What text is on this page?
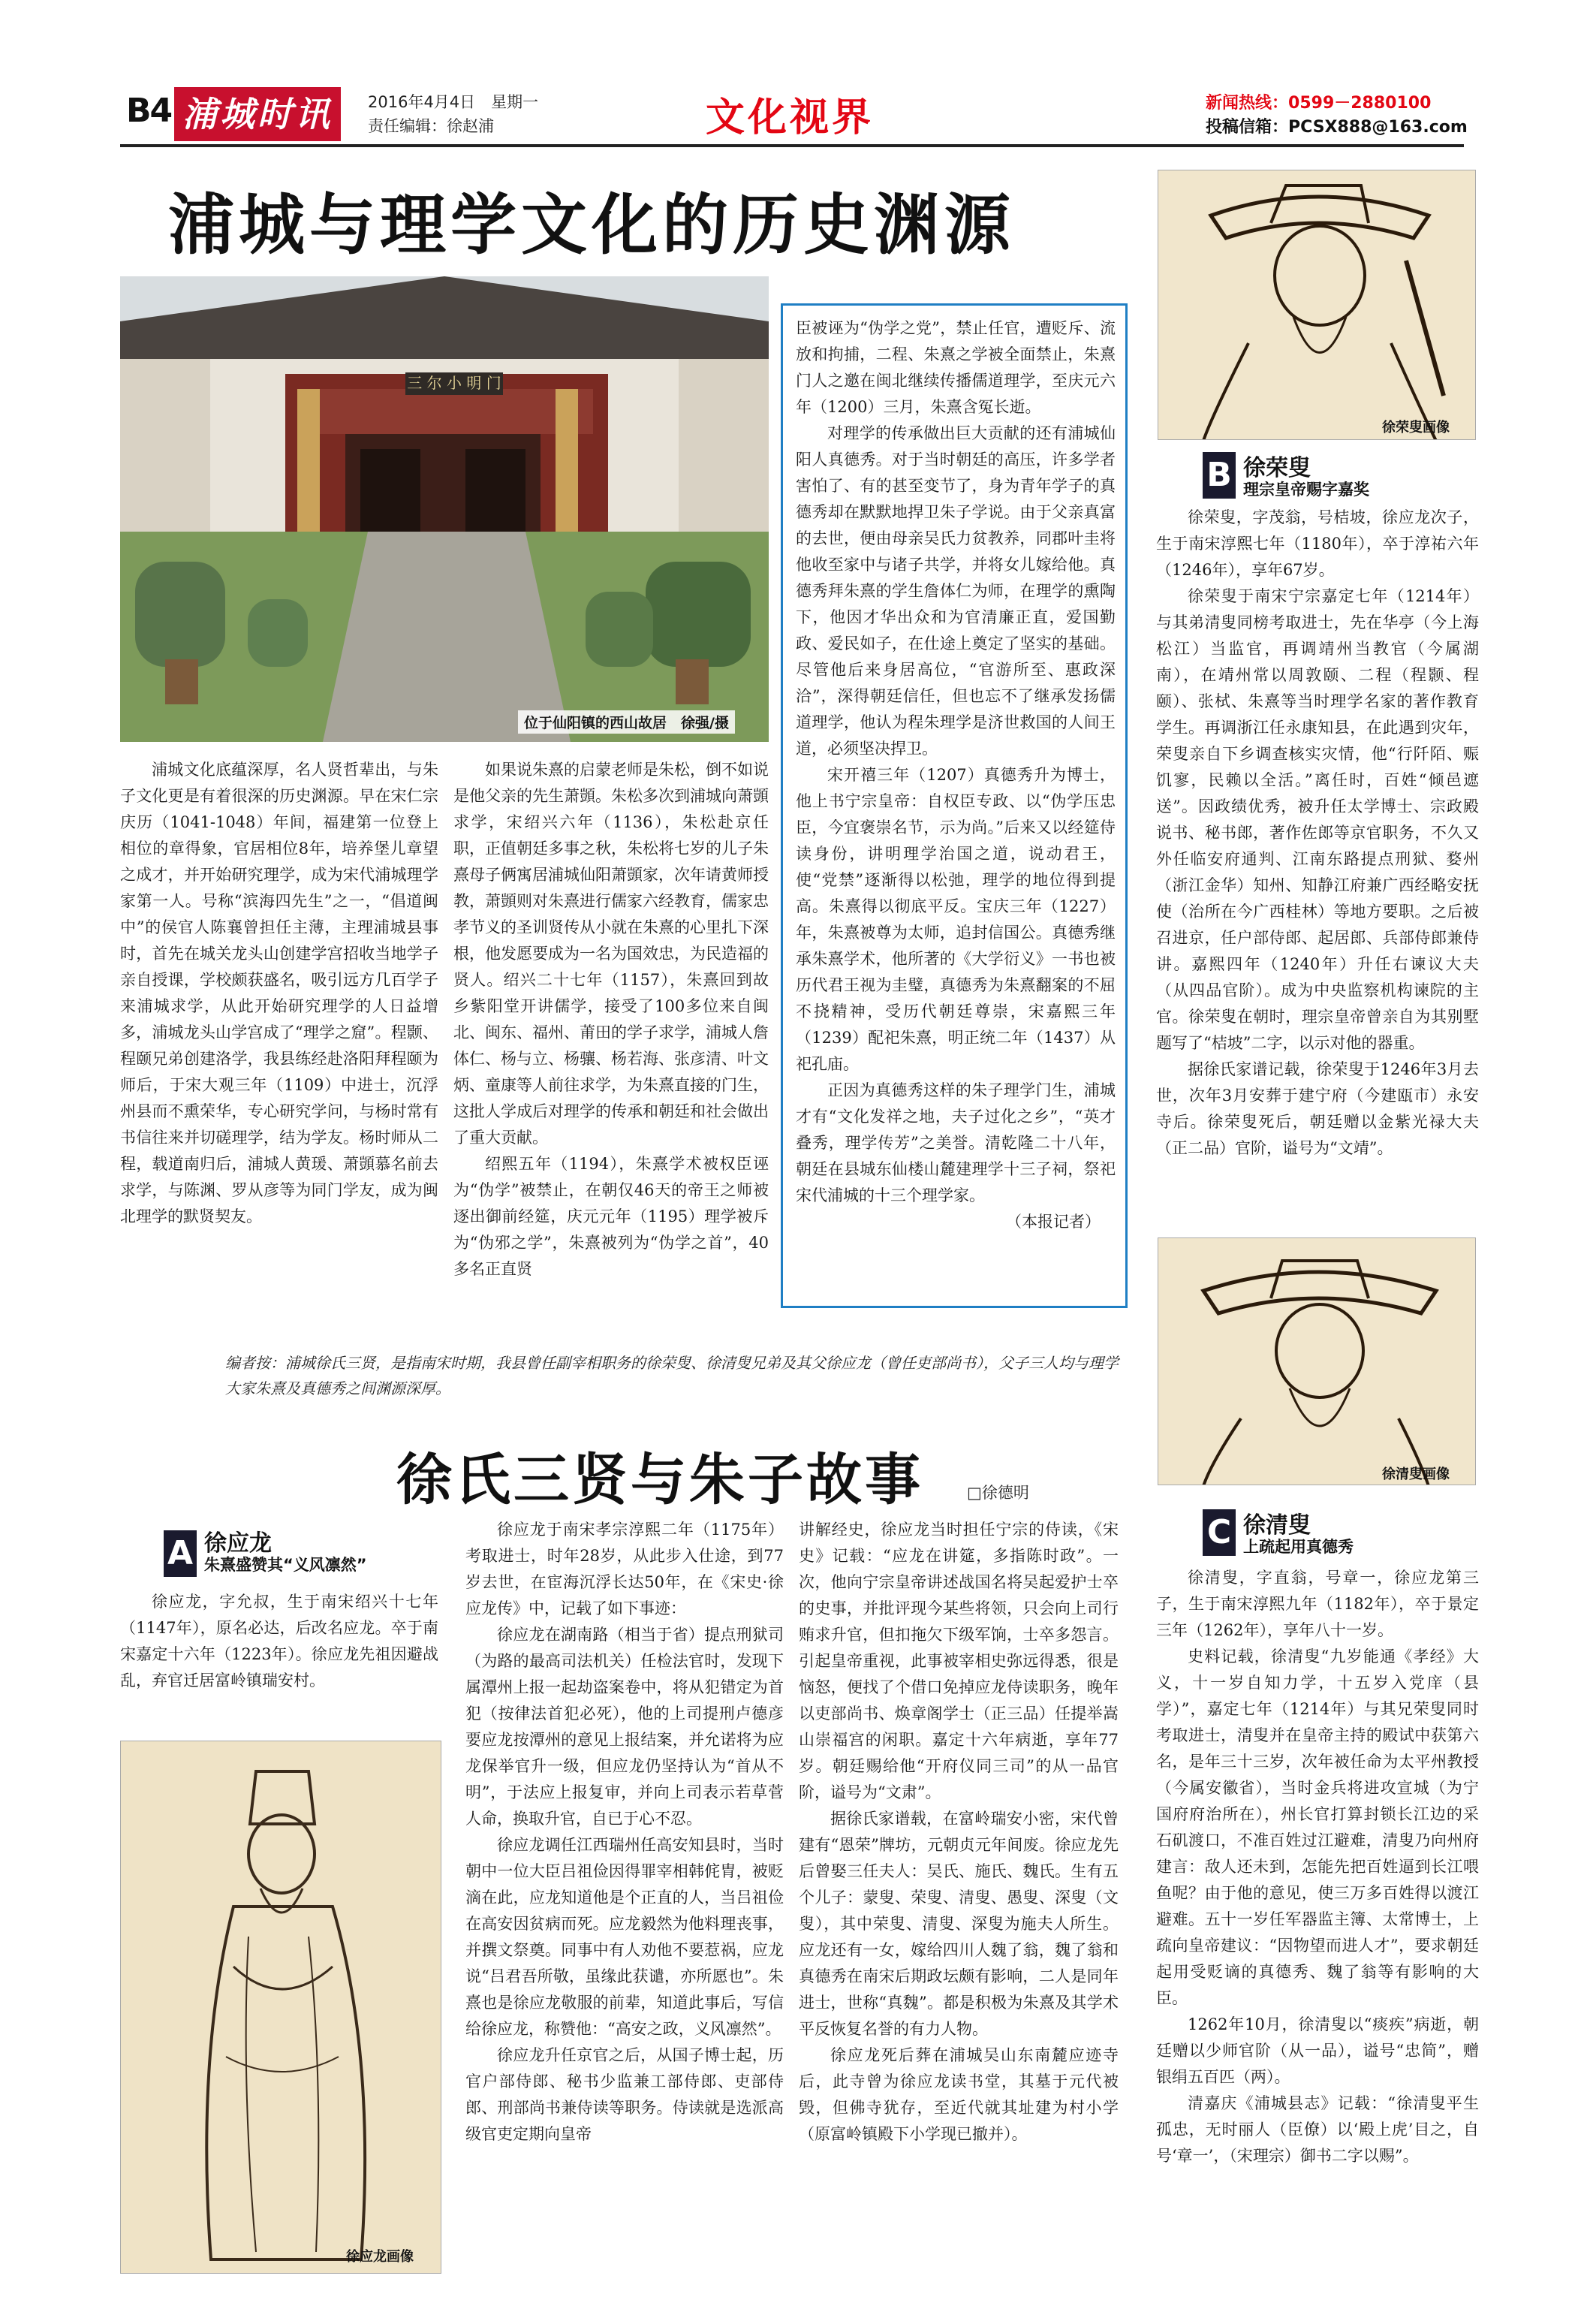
B4 浦城时讯	2016年4月4日　星期一
责任编辑：徐赵浦	文化视界	新闻热线：0599－2880100
投稿信箱：PCSX888@163.com
浦城与理学文化的历史渊源
三 尔 小 明 门
位于仙阳镇的西山故居　徐强/摄

浦城文化底蕴深厚，名人贤哲辈出，与朱子文化更是有着很深的历史渊源。早在宋仁宗庆历（1041-1048）年间，福建第一位登上相位的章得象，官居相位8年，培养堡儿章望之成才，并开始研究理学，成为宋代浦城理学家第一人。号称“滨海四先生”之一，“倡道闽中”的侯官人陈襄曾担任主薄，主理浦城县事时，首先在城关龙头山创建学宫招收当地学子亲自授课，学校颇获盛名，吸引远方几百学子来浦城求学，从此开始研究理学的人日益增多，浦城龙头山学宫成了“理学之窟”。程颢、程颐兄弟创建洛学，我县练经赴洛阳拜程颐为师后，于宋大观三年（1109）中进士，沉浮州县而不熏荣华，专心研究学问，与杨时常有书信往来并切磋理学，结为学友。杨时师从二程，载道南归后，浦城人黄瑗、萧顗慕名前去求学，与陈渊、罗从彦等为同门学友，成为闽北理学的默贤契友。

如果说朱熹的启蒙老师是朱松，倒不如说是他父亲的先生萧顗。朱松多次到浦城向萧顗求学，宋绍兴六年（1136），朱松赴京任职，正值朝廷多事之秋，朱松将七岁的儿子朱熹母子俩寓居浦城仙阳萧顗家，次年请黄师授教，萧顗则对朱熹进行儒家六经教育，儒家忠孝节义的圣训贤传从小就在朱熹的心里扎下深根，他发愿要成为一名为国效忠，为民造福的贤人。绍兴二十七年（1157），朱熹回到故乡紫阳堂开讲儒学，接受了100多位来自闽北、闽东、福州、莆田的学子求学，浦城人詹体仁、杨与立、杨骧、杨若海、张彦清、叶文炳、童康等人前往求学，为朱熹直接的门生，这批人学成后对理学的传承和朝廷和社会做出了重大贡献。

绍熙五年（1194），朱熹学术被权臣诬为“伪学”被禁止，在朝仅46天的帝王之师被逐出御前经筵，庆元元年（1195）理学被斥为“伪邪之学”，朱熹被列为“伪学之首”，40多名正直贤

臣被诬为“伪学之党”，禁止任官，遭贬斥、流放和拘捕，二程、朱熹之学被全面禁止，朱熹门人之邀在闽北继续传播儒道理学，至庆元六年（1200）三月，朱熹含冤长逝。

对理学的传承做出巨大贡献的还有浦城仙阳人真德秀。对于当时朝廷的高压，许多学者害怕了、有的甚至变节了，身为青年学子的真德秀却在默默地捍卫朱子学说。由于父亲真富的去世，便由母亲吴氏力贫教养，同郡叶圭将他收至家中与诸子共学，并将女儿嫁给他。真德秀拜朱熹的学生詹体仁为师，在理学的熏陶下，他因才华出众和为官清廉正直，爱国勤政、爱民如子，在仕途上奠定了坚实的基础。尽管他后来身居高位，“官游所至、惠政深洽”，深得朝廷信任，但也忘不了继承发扬儒道理学，他认为程朱理学是济世救国的人间王道，必须坚决捍卫。

宋开禧三年（1207）真德秀升为博士，他上书宁宗皇帝：自权臣专政、以“伪学压忠臣，今宜褒崇名节，示为尚。”后来又以经筵侍读身份，讲明理学治国之道，说动君王，使“党禁”逐渐得以松弛，理学的地位得到提高。朱熹得以彻底平反。宝庆三年（1227）年，朱熹被尊为太师，追封信国公。真德秀继承朱熹学术，他所著的《大学衍义》一书也被历代君王视为圭璧，真德秀为朱熹翻案的不屈不挠精神，受历代朝廷尊崇，宋嘉熙三年（1239）配祀朱熹，明正统二年（1437）从祀孔庙。

正因为真德秀这样的朱子理学门生，浦城才有“文化发祥之地，夫子过化之乡”，“英才叠秀，理学传芳”之美誉。清乾隆二十八年，朝廷在县城东仙楼山麓建理学十三子祠，祭祀宋代浦城的十三个理学家。

（本报记者）

编者按：浦城徐氏三贤，是指南宋时期，我县曾任副宰相职务的徐荣叟、徐清叟兄弟及其父徐应龙（曾任吏部尚书），父子三人均与理学大家朱熹及真德秀之间渊源深厚。
徐氏三贤与朱子故事	□徐德明
A 徐应龙
朱熹盛赞其“义风凛然”

徐应龙，字允叔，生于南宋绍兴十七年（1147年），原名必达，后改名应龙。卒于南宋嘉定十六年（1223年）。徐应龙先祖因避战乱，弃官迁居富岭镇瑞安村。

徐应龙画像

徐应龙于南宋孝宗淳熙二年（1175年）考取进士，时年28岁，从此步入仕途，到77岁去世，在宦海沉浮长达50年，在《宋史·徐应龙传》中，记载了如下事迹：

徐应龙在湖南路（相当于省）提点刑狱司（为路的最高司法机关）任检法官时，发现下属潭州上报一起劫盗案卷中，将从犯错定为首犯（按律法首犯必死），他的上司提刑卢德彦要应龙按潭州的意见上报结案，并允诺将为应龙保举官升一级，但应龙仍坚持认为“首从不明”，于法应上报复审，并向上司表示若草菅人命，换取升官，自已于心不忍。

徐应龙调任江西瑞州任高安知县时，当时朝中一位大臣吕祖俭因得罪宰相韩侂胄，被贬滴在此，应龙知道他是个正直的人，当吕祖俭在高安因贫病而死。应龙毅然为他料理丧事，并撰文祭奠。同事中有人劝他不要惹祸，应龙说“吕君吾所敬，虽缘此获谴，亦所愿也”。朱熹也是徐应龙敬服的前辈，知道此事后，写信给徐应龙，称赞他：“高安之政，义风凛然”。

徐应龙升任京官之后，从国子博士起，历官户部侍郎、秘书少监兼工部侍郎、吏部侍郎、刑部尚书兼侍读等职务。侍读就是选派高级官吏定期向皇帝

讲解经史，徐应龙当时担任宁宗的侍读，《宋史》记载：“应龙在讲筵，多指陈时政”。一次，他向宁宗皇帝讲述战国名将吴起爱护士卒的史事，并批评现今某些将领，只会向上司行贿求升官，但扣拖欠下级军饷，士卒多怨言。引起皇帝重视，此事被宰相史弥远得悉，很是恼怒，便找了个借口免掉应龙侍读职务，晚年以吏部尚书、焕章阁学士（正三品）任提举嵩山崇福宫的闲职。嘉定十六年病逝，享年77岁。朝廷赐给他“开府仪同三司”的从一品官阶，谥号为“文肃”。

据徐氏家谱载，在富岭瑞安小密，宋代曾建有“恩荣”牌坊，元朝贞元年间废。徐应龙先后曾娶三任夫人：吴氏、施氏、魏氏。生有五个儿子：蒙叟、荣叟、清叟、愚叟、深叟（文叟），其中荣叟、清叟、深叟为施夫人所生。应龙还有一女，嫁给四川人魏了翁，魏了翁和真德秀在南宋后期政坛颇有影响，二人是同年进士，世称“真魏”。都是积极为朱熹及其学术平反恢复名誉的有力人物。

徐应龙死后葬在浦城吴山东南麓应迹寺后，此寺曾为徐应龙读书堂，其墓于元代被毁，但佛寺犹存，至近代就其址建为村小学（原富岭镇殿下小学现已撤并）。

徐荣叟画像
B 徐荣叟
理宗皇帝赐字嘉奖

徐荣叟，字茂翁，号桔坡，徐应龙次子，生于南宋淳熙七年（1180年），卒于淳祐六年（1246年），享年67岁。

徐荣叟于南宋宁宗嘉定七年（1214年）与其弟清叟同榜考取进士，先在华亭（今上海松江）当监官，再调靖州当教官（今属湖南），在靖州常以周敦颐、二程（程颢、程颐）、张栻、朱熹等当时理学名家的著作教育学生。再调浙江任永康知县，在此遇到灾年，荣叟亲自下乡调查核实灾情，他“行阡陌、赈饥寥，民赖以全活。”离任时，百姓“倾邑遮送”。因政绩优秀，被升任太学博士、宗政殿说书、秘书郎，著作佐郎等京官职务，不久又外任临安府通判、江南东路提点刑狱、婺州（浙江金华）知州、知静江府兼广西经略安抚使（治所在今广西桂林）等地方要职。之后被召进京，任户部侍郎、起居郎、兵部侍郎兼侍讲。嘉熙四年（1240年）升任右谏议大夫（从四品官阶）。成为中央监察机构谏院的主官。徐荣叟在朝时，理宗皇帝曾亲自为其别墅题写了“桔坡”二字，以示对他的器重。

据徐氏家谱记载，徐荣叟于1246年3月去世，次年3月安葬于建宁府（今建瓯市）永安寺后。徐荣叟死后，朝廷赠以金紫光禄大夫（正二品）官阶，谥号为“文靖”。

徐清叟画像
C 徐清叟
上疏起用真德秀

徐清叟，字直翁，号章一，徐应龙第三子，生于南宋淳熙九年（1182年），卒于景定三年（1262年），享年八十一岁。

史料记载，徐清叟“九岁能通《孝经》大义，十一岁自知力学，十五岁入党庠（县学）”，嘉定七年（1214年）与其兄荣叟同时考取进士，清叟并在皇帝主持的殿试中获第六名，是年三十三岁，次年被任命为太平州教授（今属安徽省），当时金兵将进攻宣城（为宁国府府治所在），州长官打算封锁长江边的采石矶渡口，不准百姓过江避难，清叟乃向州府建言：敌人还未到，怎能先把百姓逼到长江喂鱼呢？由于他的意见，使三万多百姓得以渡江避难。五十一岁任军器监主簿、太常博士，上疏向皇帝建议：“因物望而进人才”，要求朝廷起用受贬谪的真德秀、魏了翁等有影响的大臣。

1262年10月，徐清叟以“痰疾”病逝，朝廷赠以少师官阶（从一品），谥号“忠简”，赠银绢五百匹（两）。

清嘉庆《浦城县志》记载：“徐清叟平生孤忠，无时丽人（臣僚）以‘殿上虎’目之，自号‘章一’，（宋理宗）御书二字以赐”。
